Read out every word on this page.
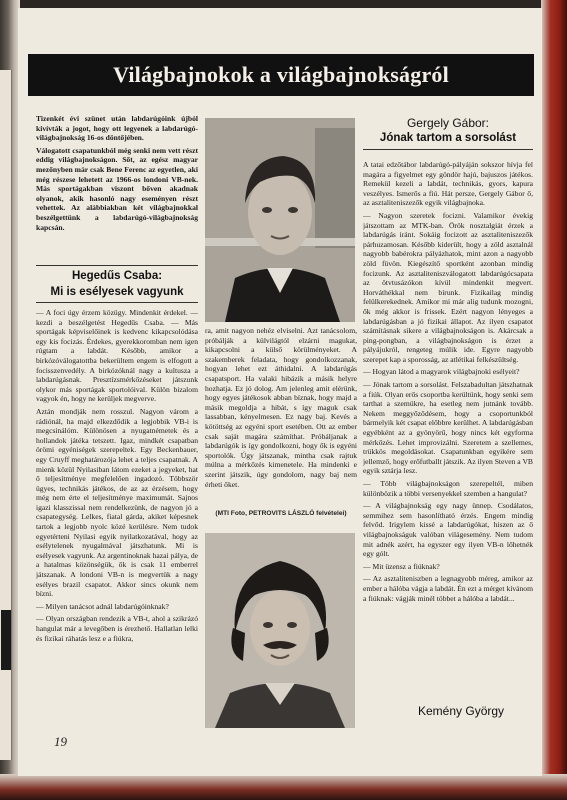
Világbajnokok a világbajnokságról

Tizenkét évi szünet után labdarúgóink újból kivívták a jogot, hogy ott legyenek a labdarúgó-világbajnokság 16-os döntőjében.

Válogatott csapatunkból még senki nem vett részt eddig világbajnokságon. Sőt, az egész magyar mezőnyben már csak Bene Ferenc az egyetlen, aki még részese lehetett az 1966-os londoni VB-nek. Más sportágakban viszont bőven akadnak olyanok, akik hasonló nagy eseményen részt vehettek. Az alábbiakban két világbajnokkal beszélgettünk a labdarúgó-világbajnokság kapcsán.

Hegedűs Csaba:
Mi is esélyesek vagyunk

— A foci úgy érzem közügy. Mindenkit érdekel. — kezdi a beszélgetést Hegedűs Csaba. — Más sportágak képviselőinek is kedvenc kikapcsolódása egy kis focizás. Érdekes, gyerekkoromban nem igen rúgtam a labdát. Később, amikor a birkózóválogatottba bekerültem engem is elfogott a focisszenvedély. A birkózóknál nagy a kultusza a labdarúgásnak. Presztízsmérkőzéseket játszunk olykor más sportágak sportolóival. Külön bizalom vagyok én, hogy ne kerüljek megverve.

Aztán mondják nem rosszul. Nagyon várom a rádiónál, ha majd elkezdődik a legjobbik VB-i is megcsinálóm. Különösen a nyugatnémetek és a hollandok játéka tetszett. Igaz, mindkét csapatban örömi egyéniségek szerepeltek. Egy Beckenbauer, egy Cruyff meghatározója lehet a teljes csapatnak. A mienk közül Nyilasiban látom ezeket a jegyeket, hat ő teljesítménye megfelelően ingadozó. Többször ügyes, technikás játékos, de az az érzésem, hogy még nem érte el teljesítménye maximumát. Sajnos igazi klasszissal nem rendelkezünk, de nagyon jó a csapategység. Lelkes, fiatal gárda, akiket képesnek tartok a legjobb nyolc közé kerülésre. Nem tudok egyetérteni Nyilasi egyik nyilatkozatával, hogy az esélytelenek nyugalmával játszhatunk. Mi is esélyesek vagyunk. Az argentinoknak hazai pálya, de a hatalmas közönségük, ők is csak 11 emberrel játszanak. A londoni VB-n is megvertük a nagy esélyes brazil csapatot. Akkor sincs okunk nem bízni.

— Milyen tanácsot adnál labdarúgóinknak?

— Olyan országban rendezik a VB-t, ahol a szikrázó hangulat már a levegőben is érezhető. Hallatlan lelki és fizikai ráhatás lesz e a fiúkra,

ra, amit nagyon nehéz elviselni. Azt tanácsolom, próbálják a külvilágtól elzárni magukat, kikapcsolni a külső körülményeket. A szakemberek feladata, hogy gondolkozzanak, hogyan lehet ezt áthidalni. A labdarúgás csapatsport. Ha valaki hibázik a másik helyre hozhatja. Ez jó dolog. Am jelenleg amit elérünk, hogy egyes játékosok abban bíznak, hogy majd a másik megoldja a hibát, s így maguk csak lassabban, kényelmesen. Ez nagy baj. Kevés a kötöttség az egyéni sport esetében. Ott az ember csak saját magára számíthat. Próbáljanak a labdarúgók is így gondolkozni, hogy ők is egyéni sportolók. Úgy játszanak, mintha csak rajtuk múlna a mérkőzés kimenetele. Ha mindenki e szerint játszik, úgy gondolom, nagy baj nem érheti őket.

(MTI Foto, PETROVITS LÁSZLÓ felvételei)
Gergely Gábor:
Jónak tartom a sorsolást

A tatai edzőtábor labdarúgó-pályáján sokszor hívja fel magára a figyelmet egy göndör hajú, bajuszos játékos. Remekül kezeli a labdát, technikás, gyors, kapura veszélyes. Ismerős a fiú. Hát persze, Gergely Gábor ő, az asztaliteniszezők egyik világbajnoka.

— Nagyon szeretek focizni. Valamikor évekig játszottam az MTK-ban. Örök nosztalgiát érzek a labdarúgás iránt. Sokáig focizott az asztaliteniszezők párhuzamosan. Később kiderült, hogy a zöld asztalnál nagyobb babérokra pályázhatok, mint azon a nagyobb zöld füvön. Kiegészítő sportként azonban mindig focizunk. Az asztaliteniszválogatott labdarúgócsapata az ötvtusázókon kívül mindenkit megvert. Horváthékkal nem bírunk. Fizikailag mindig felülkerekednek. Amikor mi már alig tudunk mozogni, ők még akkor is frissek. Ezért nagyon lényeges a labdarúgásban a jó fizikai állapot. Az ilyen csapatot számításnak sikere a világbajnokságon is. Akárcsak a ping-pongban, a világbajnokságon is érzet a pályájukról, rengeteg múlik ide. Egyre nagyobb szerepet kap a sporosság, az atlétikai felkészültség.

— Hogyan látod a magyarok világbajnoki esélyeit?

— Jónak tartom a sorsolást. Felszabadultan játszhatnak a fiúk. Olyan erős csoportba kerültünk, hogy senki sem tarthat a szemükre, ha esetleg nem jutnánk tovább. Nekem meggyőződésem, hogy a csoportunkból bármelyik két csapat előbbre kerülhet. A labdarúgásban egyébként az a gyönyörű, hogy nincs két egyforma mérkőzés. Lehet improvizálni. Szeretem a szellemes, trükkös megoldásokat. Csapatunkban egyikére sem jellemző, hogy erőfutballt játszik. Az ilyen Steven a VB egyik sztárja lesz.

— Több világbajnokságon szerepeltél, miben különbözik a többi versenyekkel szemben a hangulat?

— A világbajnokság egy nagy ünnep. Csodálatos, semmihez sem hasonlítható érzés. Engem mindig felvőd. Irigylem kissé a labdarúgókat, hiszen az ő világbajnokságuk valóban világesemény. Nem tudom mit adnék azért, ha egyszer egy ilyen VB-n lőhetnék egy gólt.

— Mit üzensz a fiúknak?

— Az asztaliteniszben a legnagyobb méreg, amikor az ember a hálóba vágja a labdát. Én ezt a mérget kívánom a fiúknak: vágják minél többet a hálóba a labdát...

Kemény György
19
